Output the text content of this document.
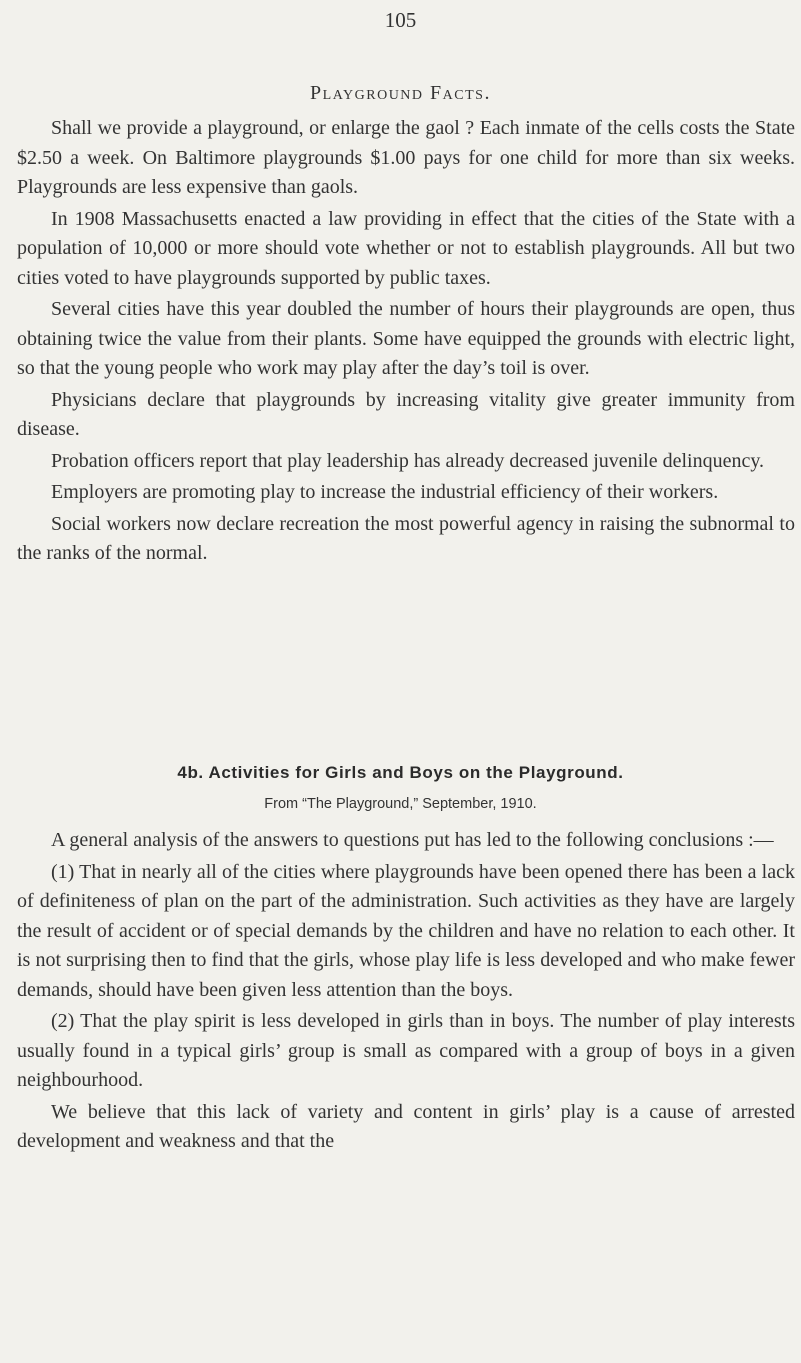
105
Playground Facts.

Shall we provide a playground, or enlarge the gaol ? Each inmate of the cells costs the State $2.50 a week. On Baltimore playgrounds $1.00 pays for one child for more than six weeks. Playgrounds are less expensive than gaols.

In 1908 Massachusetts enacted a law providing in effect that the cities of the State with a population of 10,000 or more should vote whether or not to establish playgrounds. All but two cities voted to have playgrounds supported by public taxes.

Several cities have this year doubled the number of hours their playgrounds are open, thus obtaining twice the value from their plants. Some have equipped the grounds with electric light, so that the young people who work may play after the day’s toil is over.

Physicians declare that playgrounds by increasing vitality give greater immunity from disease.

Probation officers report that play leadership has already decreased juvenile delinquency.

Employers are promoting play to increase the industrial efficiency of their workers.

Social workers now declare recreation the most powerful agency in raising the subnormal to the ranks of the normal.

4b. Activities for Girls and Boys on the Playground.
From “The Playground,” September, 1910.

A general analysis of the answers to questions put has led to the following conclusions :—

(1) That in nearly all of the cities where playgrounds have been opened there has been a lack of definiteness of plan on the part of the administration. Such activities as they have are largely the result of accident or of special demands by the children and have no relation to each other. It is not surprising then to find that the girls, whose play life is less developed and who make fewer demands, should have been given less attention than the boys.

(2) That the play spirit is less developed in girls than in boys. The number of play interests usually found in a typical girls’ group is small as compared with a group of boys in a given neighbourhood.

We believe that this lack of variety and content in girls’ play is a cause of arrested development and weakness and that the
